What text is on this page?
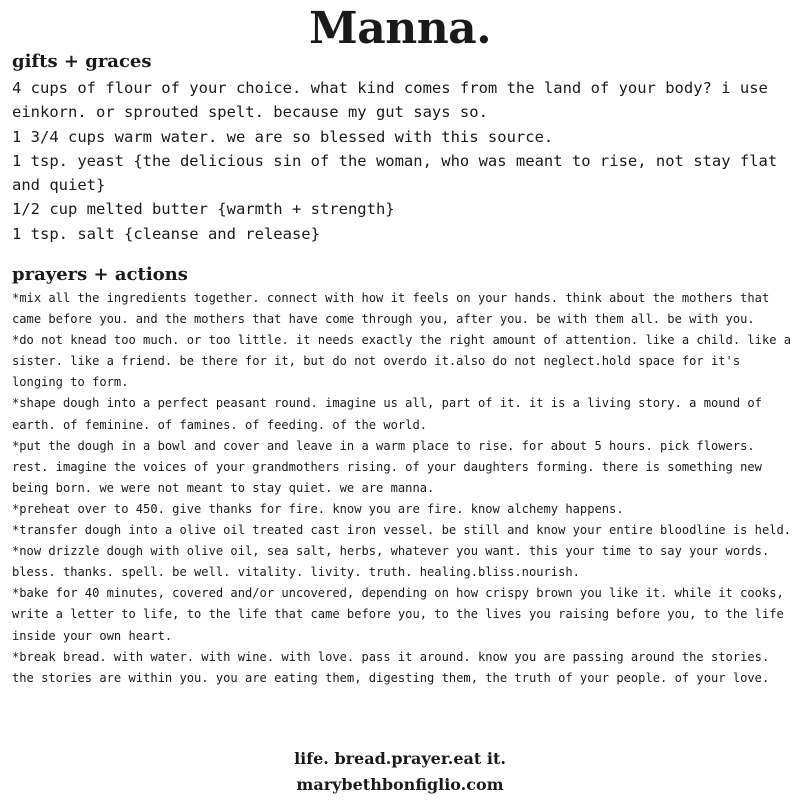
Manna.
gifts + graces
4 cups of flour of your choice. what kind comes from the land of your body? i use einkorn. or sprouted spelt. because my gut says so.
1 3/4 cups warm water. we are so blessed with this source.
1 tsp. yeast {the delicious sin of the woman, who was meant to rise, not stay flat and quiet}
1/2 cup melted butter {warmth + strength}
1 tsp. salt {cleanse and release}
prayers + actions
*mix all the ingredients together. connect with how it feels on your hands. think about the mothers that came before you. and the mothers that have come through you, after you. be with them all. be with you.
*do not knead too much. or too little. it needs exactly the right amount of attention. like a child. like a sister. like a friend. be there for it, but do not overdo it.also do not neglect.hold space for it's longing to form.
*shape dough into a perfect peasant round. imagine us all, part of it. it is a living story. a mound of earth. of feminine. of famines. of feeding. of the world.
*put the dough in a bowl and cover and leave in a warm place to rise. for about 5 hours. pick flowers. rest. imagine the voices of your grandmothers rising. of your daughters forming. there is something new being born. we were not meant to stay quiet. we are manna.
*preheat over to 450. give thanks for fire. know you are fire. know alchemy happens.
*transfer dough into a olive oil treated cast iron vessel. be still and know your entire bloodline is held.
*now drizzle dough with olive oil, sea salt, herbs, whatever you want. this your time to say your words. bless. thanks. spell. be well. vitality. livity. truth. healing.bliss.nourish.
*bake for 40 minutes, covered and/or uncovered, depending on how crispy brown you like it. while it cooks, write a letter to life, to the life that came before you, to the lives you raising before you, to the life inside your own heart.
*break bread. with water. with wine. with love. pass it around. know you are passing around the stories. the stories are within you. you are eating them, digesting them, the truth of your people. of your love.
life. bread.prayer.eat it.
marybethbonfiglio.com
